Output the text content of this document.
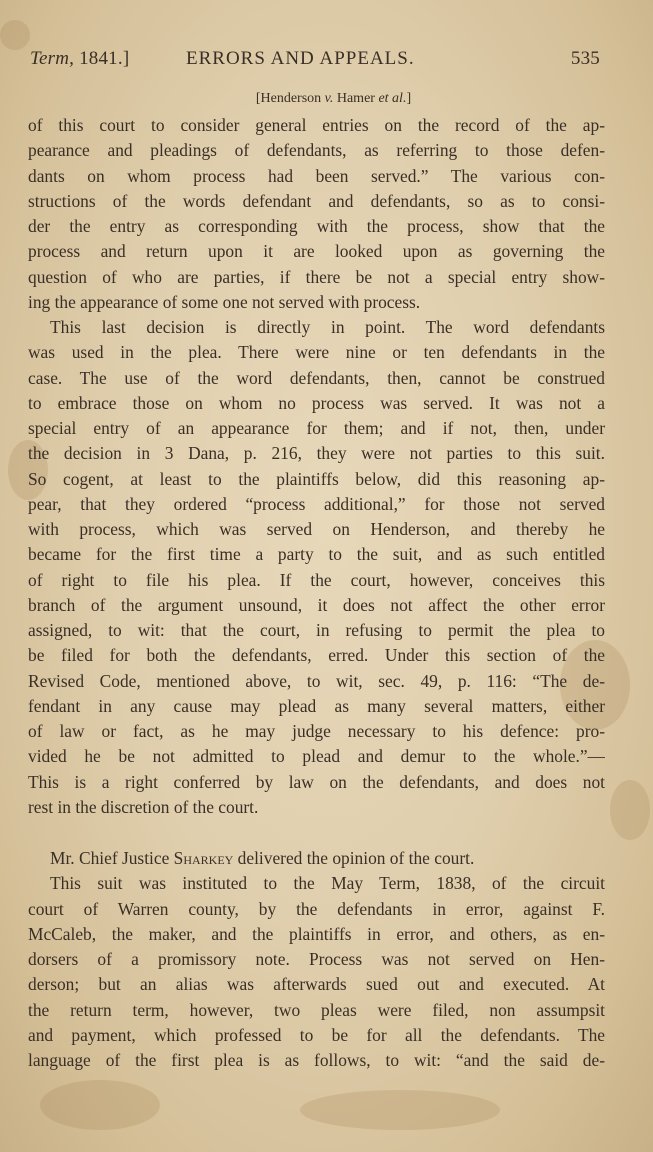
Term, 1841.]	ERRORS AND APPEALS.	535
[Henderson v. Hamer et al.]
of this court to consider general entries on the record of the ap-
pearance and pleadings of defendants, as referring to those defen-
dants on whom process had been served.” The various con-
structions of the words defendant and defendants, so as to consi-
der the entry as corresponding with the process, show that the
process and return upon it are looked upon as governing the
question of who are parties, if there be not a special entry show-
ing the appearance of some one not served with process.
This last decision is directly in point. The word defendants
was used in the plea. There were nine or ten defendants in the
case. The use of the word defendants, then, cannot be construed
to embrace those on whom no process was served. It was not a
special entry of an appearance for them; and if not, then, under
the decision in 3 Dana, p. 216, they were not parties to this suit.
So cogent, at least to the plaintiffs below, did this reasoning ap-
pear, that they ordered “process additional,” for those not served
with process, which was served on Henderson, and thereby he
became for the first time a party to the suit, and as such entitled
of right to file his plea. If the court, however, conceives this
branch of the argument unsound, it does not affect the other error
assigned, to wit: that the court, in refusing to permit the plea to
be filed for both the defendants, erred. Under this section of the
Revised Code, mentioned above, to wit, sec. 49, p. 116: “The de-
fendant in any cause may plead as many several matters, either
of law or fact, as he may judge necessary to his defence: pro-
vided he be not admitted to plead and demur to the whole.”—
This is a right conferred by law on the defendants, and does not
rest in the discretion of the court.
Mr. Chief Justice Sharkey delivered the opinion of the court.
This suit was instituted to the May Term, 1838, of the circuit
court of Warren county, by the defendants in error, against F.
McCaleb, the maker, and the plaintiffs in error, and others, as en-
dorsers of a promissory note. Process was not served on Hen-
derson; but an alias was afterwards sued out and executed. At
the return term, however, two pleas were filed, non assumpsit
and payment, which professed to be for all the defendants. The
language of the first plea is as follows, to wit: “and the said de-
